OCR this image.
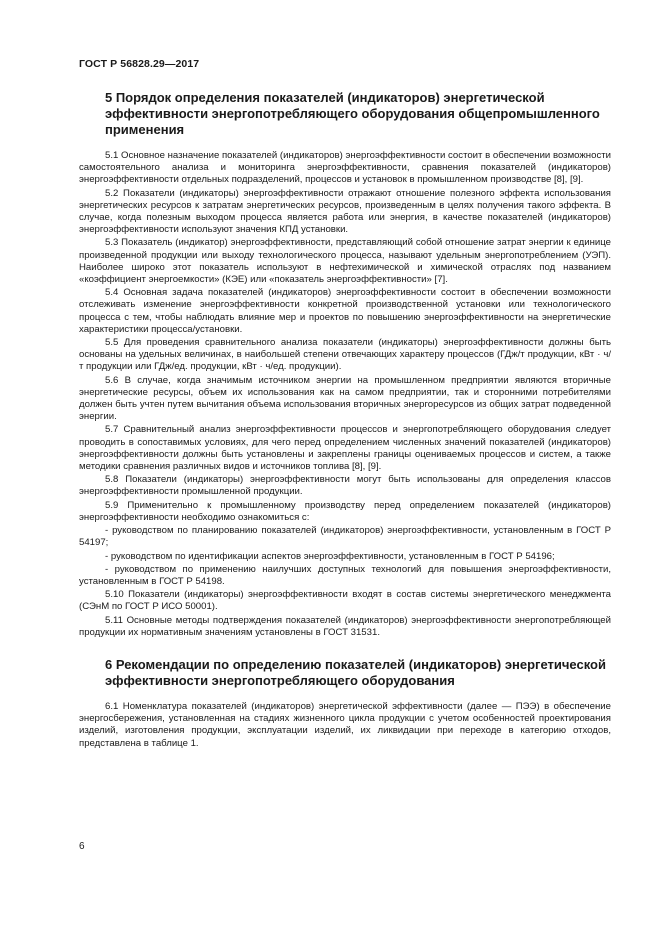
ГОСТ Р 56828.29—2017
5 Порядок определения показателей (индикаторов) энергетической эффективности энергопотребляющего оборудования общепромышленного применения

5.1 Основное назначение показателей (индикаторов) энергоэффективности состоит в обеспечении возможности самостоятельного анализа и мониторинга энергоэффективности, сравнения показателей (индикаторов) энергоэффективности отдельных подразделений, процессов и установок в промышленном производстве [8], [9].

5.2 Показатели (индикаторы) энергоэффективности отражают отношение полезного эффекта использования энергетических ресурсов к затратам энергетических ресурсов, произведенным в целях получения такого эффекта. В случае, когда полезным выходом процесса является работа или энергия, в качестве показателей (индикаторов) энергоэффективности используют значения КПД установки.

5.3 Показатель (индикатор) энергоэффективности, представляющий собой отношение затрат энергии к единице произведенной продукции или выходу технологического процесса, называют удельным энергопотреблением (УЭП). Наиболее широко этот показатель используют в нефтехимической и химической отраслях под названием «коэффициент энергоемкости» (КЭЕ) или «показатель энергоэффективности» [7].

5.4 Основная задача показателей (индикаторов) энергоэффективности состоит в обеспечении возможности отслеживать изменение энергоэффективности конкретной производственной установки или технологического процесса с тем, чтобы наблюдать влияние мер и проектов по повышению энергоэффективности на энергетические характеристики процесса/установки.

5.5 Для проведения сравнительного анализа показатели (индикаторы) энергоэффективности должны быть основаны на удельных величинах, в наибольшей степени отвечающих характеру процессов (ГДж/т продукции, кВт · ч/т продукции или ГДж/ед. продукции, кВт · ч/ед. продукции).

5.6 В случае, когда значимым источником энергии на промышленном предприятии являются вторичные энергетические ресурсы, объем их использования как на самом предприятии, так и сторонними потребителями должен быть учтен путем вычитания объема использования вторичных энергоресурсов из общих затрат подведенной энергии.

5.7 Сравнительный анализ энергоэффективности процессов и энергопотребляющего оборудования следует проводить в сопоставимых условиях, для чего перед определением численных значений показателей (индикаторов) энергоэффективности должны быть установлены и закреплены границы оцениваемых процессов и систем, а также методики сравнения различных видов и источников топлива [8], [9].

5.8 Показатели (индикаторы) энергоэффективности могут быть использованы для определения классов энергоэффективности промышленной продукции.

5.9 Применительно к промышленному производству перед определением показателей (индикаторов) энергоэффективности необходимо ознакомиться с:

- руководством по планированию показателей (индикаторов) энергоэффективности, установленным в ГОСТ Р 54197;

- руководством по идентификации аспектов энергоэффективности, установленным в ГОСТ Р 54196;

- руководством по применению наилучших доступных технологий для повышения энергоэффективности, установленным в ГОСТ Р 54198.

5.10 Показатели (индикаторы) энергоэффективности входят в состав системы энергетического менеджмента (СЭнМ по ГОСТ Р ИСО 50001).

5.11 Основные методы подтверждения показателей (индикаторов) энергоэффективности энергопотребляющей продукции их нормативным значениям установлены в ГОСТ 31531.

6 Рекомендации по определению показателей (индикаторов) энергетической эффективности энергопотребляющего оборудования

6.1 Номенклатура показателей (индикаторов) энергетической эффективности (далее — ПЭЭ) в обеспечение энергосбережения, установленная на стадиях жизненного цикла продукции с учетом особенностей проектирования изделий, изготовления продукции, эксплуатации изделий, их ликвидации при переходе в категорию отходов, представлена в таблице 1.

6
